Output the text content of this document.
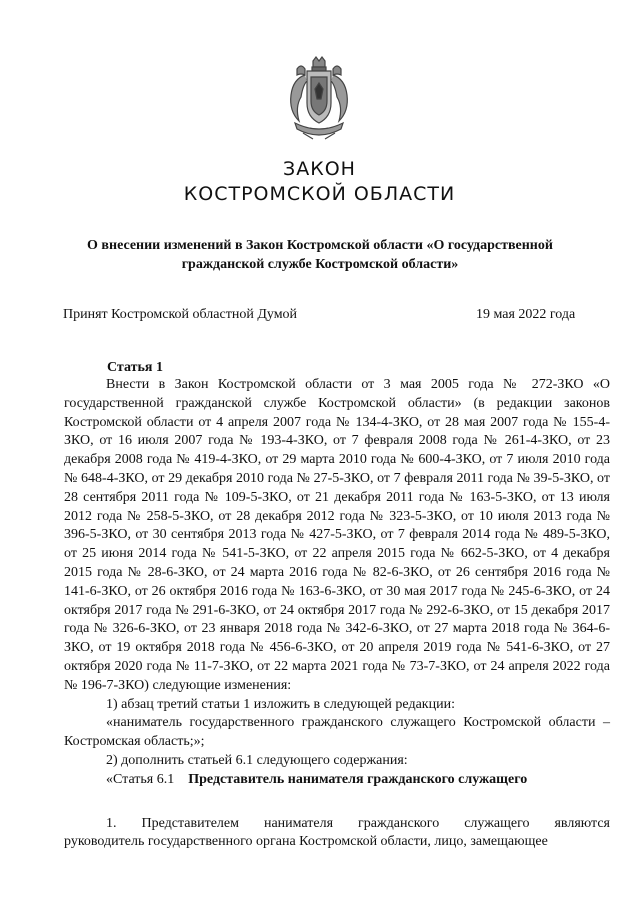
ЗАКОН
КОСТРОМСКОЙ ОБЛАСТИ
О внесении изменений в Закон Костромской области «О государственной гражданской службе Костромской области»
Принят Костромской областной Думой	19 мая 2022 года
Статья 1

Внести в Закон Костромской области от 3 мая 2005 года № 272-ЗКО «О государственной гражданской службе Костромской области» (в редакции законов Костромской области от 4 апреля 2007 года № 134-4-ЗКО, от 28 мая 2007 года № 155-4-ЗКО, от 16 июля 2007 года № 193-4-ЗКО, от 7 февраля 2008 года № 261-4-ЗКО, от 23 декабря 2008 года № 419-4-ЗКО, от 29 марта 2010 года № 600-4-ЗКО, от 7 июля 2010 года № 648-4-ЗКО, от 29 декабря 2010 года № 27-5-ЗКО, от 7 февраля 2011 года № 39-5-ЗКО, от 28 сентября 2011 года № 109-5-ЗКО, от 21 декабря 2011 года № 163-5-ЗКО, от 13 июля 2012 года № 258-5-ЗКО, от 28 декабря 2012 года № 323-5-ЗКО, от 10 июля 2013 года № 396-5-ЗКО, от 30 сентября 2013 года № 427-5-ЗКО, от 7 февраля 2014 года № 489-5-ЗКО, от 25 июня 2014 года № 541-5-ЗКО, от 22 апреля 2015 года № 662-5-ЗКО, от 4 декабря 2015 года № 28-6-ЗКО, от 24 марта 2016 года № 82-6-ЗКО, от 26 сентября 2016 года № 141-6-ЗКО, от 26 октября 2016 года № 163-6-ЗКО, от 30 мая 2017 года № 245-6-ЗКО, от 24 октября 2017 года № 291-6-ЗКО, от 24 октября 2017 года № 292-6-ЗКО, от 15 декабря 2017 года № 326-6-ЗКО, от 23 января 2018 года № 342-6-ЗКО, от 27 марта 2018 года № 364-6-ЗКО, от 19 октября 2018 года № 456-6-ЗКО, от 20 апреля 2019 года № 541-6-ЗКО, от 27 октября 2020 года № 11-7-ЗКО, от 22 марта 2021 года № 73-7-ЗКО, от 24 апреля 2022 года № 196-7-ЗКО) следующие изменения:

1) абзац третий статьи 1 изложить в следующей редакции:

«наниматель государственного гражданского служащего Костромской области – Костромская область;»;

2) дополнить статьей 6.1 следующего содержания:

«Статья 6.1 Представитель нанимателя гражданского служащего

1. Представителем нанимателя гражданского служащего являются

руководитель государственного органа Костромской области, лицо, замещающее
